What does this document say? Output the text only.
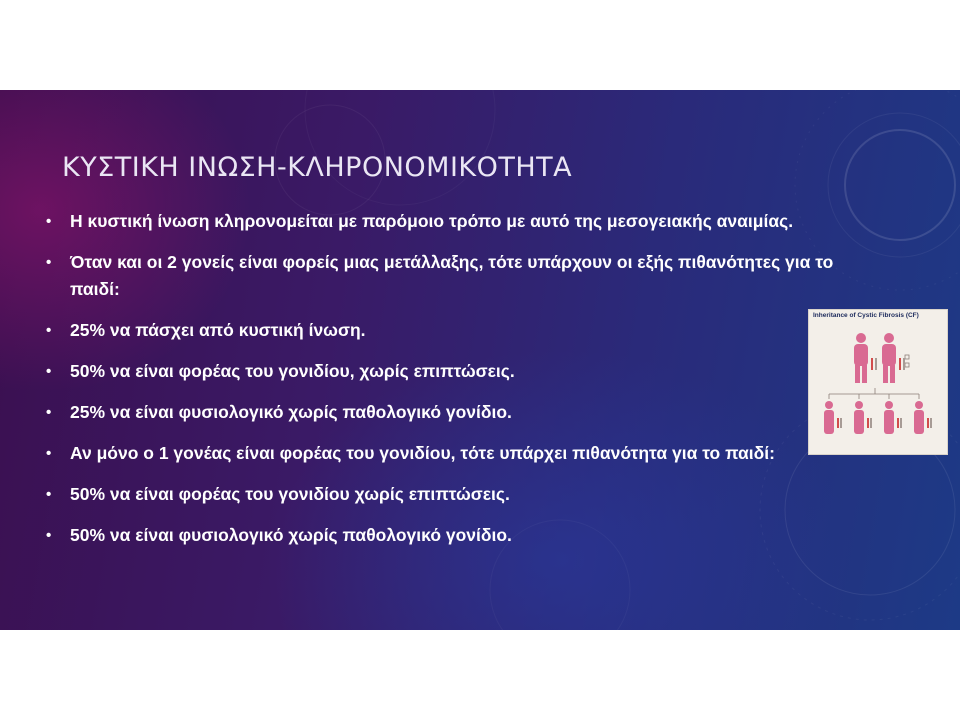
ΚΥΣΤΙΚΗ ΙΝΩΣΗ-ΚΛΗΡΟΝΟΜΙΚΟΤΗΤΑ
• Η κυστική ίνωση κληρονομείται με παρόμοιο τρόπο με αυτό της μεσογειακής αναιμίας.
• Όταν και οι 2 γονείς είναι φορείς μιας μετάλλαξης, τότε υπάρχουν οι εξής πιθανότητες για το παιδί:
• 25% να πάσχει από κυστική ίνωση.
• 50% να είναι φορέας του γονιδίου, χωρίς επιπτώσεις.
• 25% να είναι φυσιολογικό χωρίς παθολογικό γονίδιο.
• Αν μόνο ο 1 γονέας είναι φορέας του γονιδίου, τότε υπάρχει πιθανότητα για το παιδί:
• 50% να είναι φορέας του γονιδίου χωρίς επιπτώσεις.
• 50% να είναι φυσιολογικό χωρίς παθολογικό γονίδιο.
Inheritance of Cystic Fibrosis (CF)
